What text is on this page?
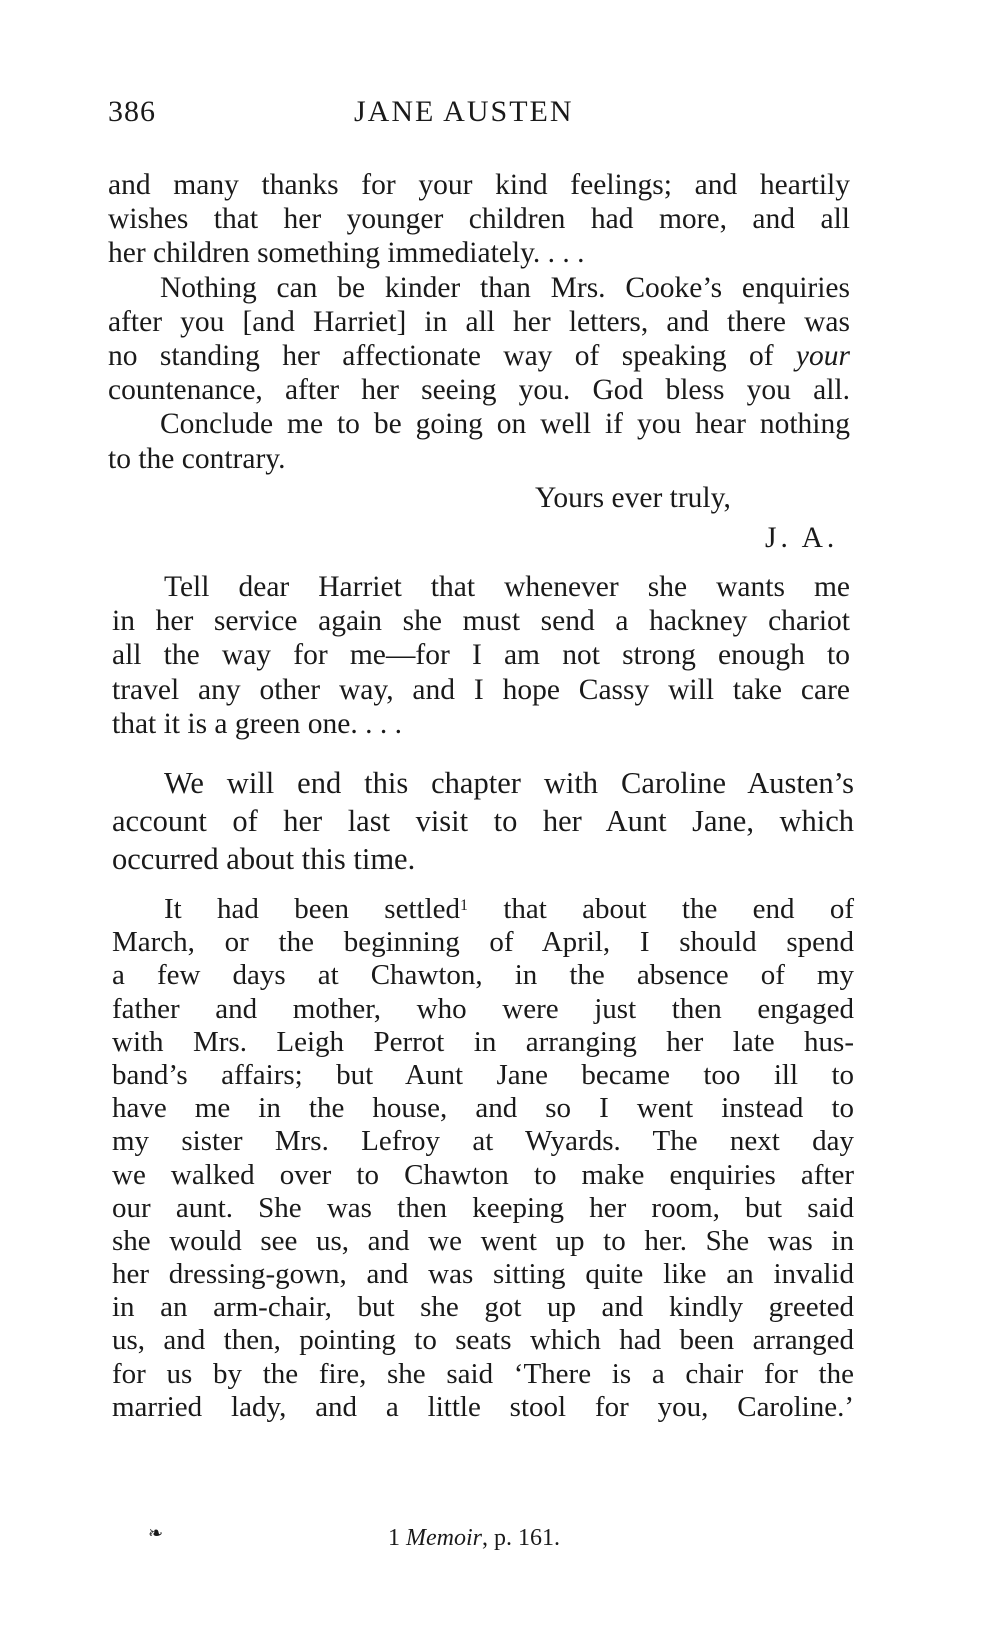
386	JANE AUSTEN
and many thanks for your kind feelings; and heartily
wishes that her younger children had more, and all
her children something immediately. . . .
Nothing can be kinder than Mrs. Cooke’s enquiries
after you [and Harriet] in all her letters, and there was
no standing her affectionate way of speaking of your
countenance, after her seeing you. God bless you all.
Conclude me to be going on well if you hear nothing
to the contrary.
Yours ever truly,
J. A.
Tell dear Harriet that whenever she wants me
in her service again she must send a hackney chariot
all the way for me—for I am not strong enough to
travel any other way, and I hope Cassy will take care
that it is a green one. . . .
We will end this chapter with Caroline Austen’s
account of her last visit to her Aunt Jane, which
occurred about this time.
It had been settled$^1$ that about the end of
March, or the beginning of April, I should spend
a few days at Chawton, in the absence of my
father and mother, who were just then engaged
with Mrs. Leigh Perrot in arranging her late hus-
band’s affairs; but Aunt Jane became too ill to
have me in the house, and so I went instead to
my sister Mrs. Lefroy at Wyards. The next day
we walked over to Chawton to make enquiries after
our aunt. She was then keeping her room, but said
she would see us, and we went up to her. She was in
her dressing-gown, and was sitting quite like an invalid
in an arm-chair, but she got up and kindly greeted
us, and then, pointing to seats which had been arranged
for us by the fire, she said ‘There is a chair for the
married lady, and a little stool for you, Caroline.’
❧	1 Memoir, p. 161.
